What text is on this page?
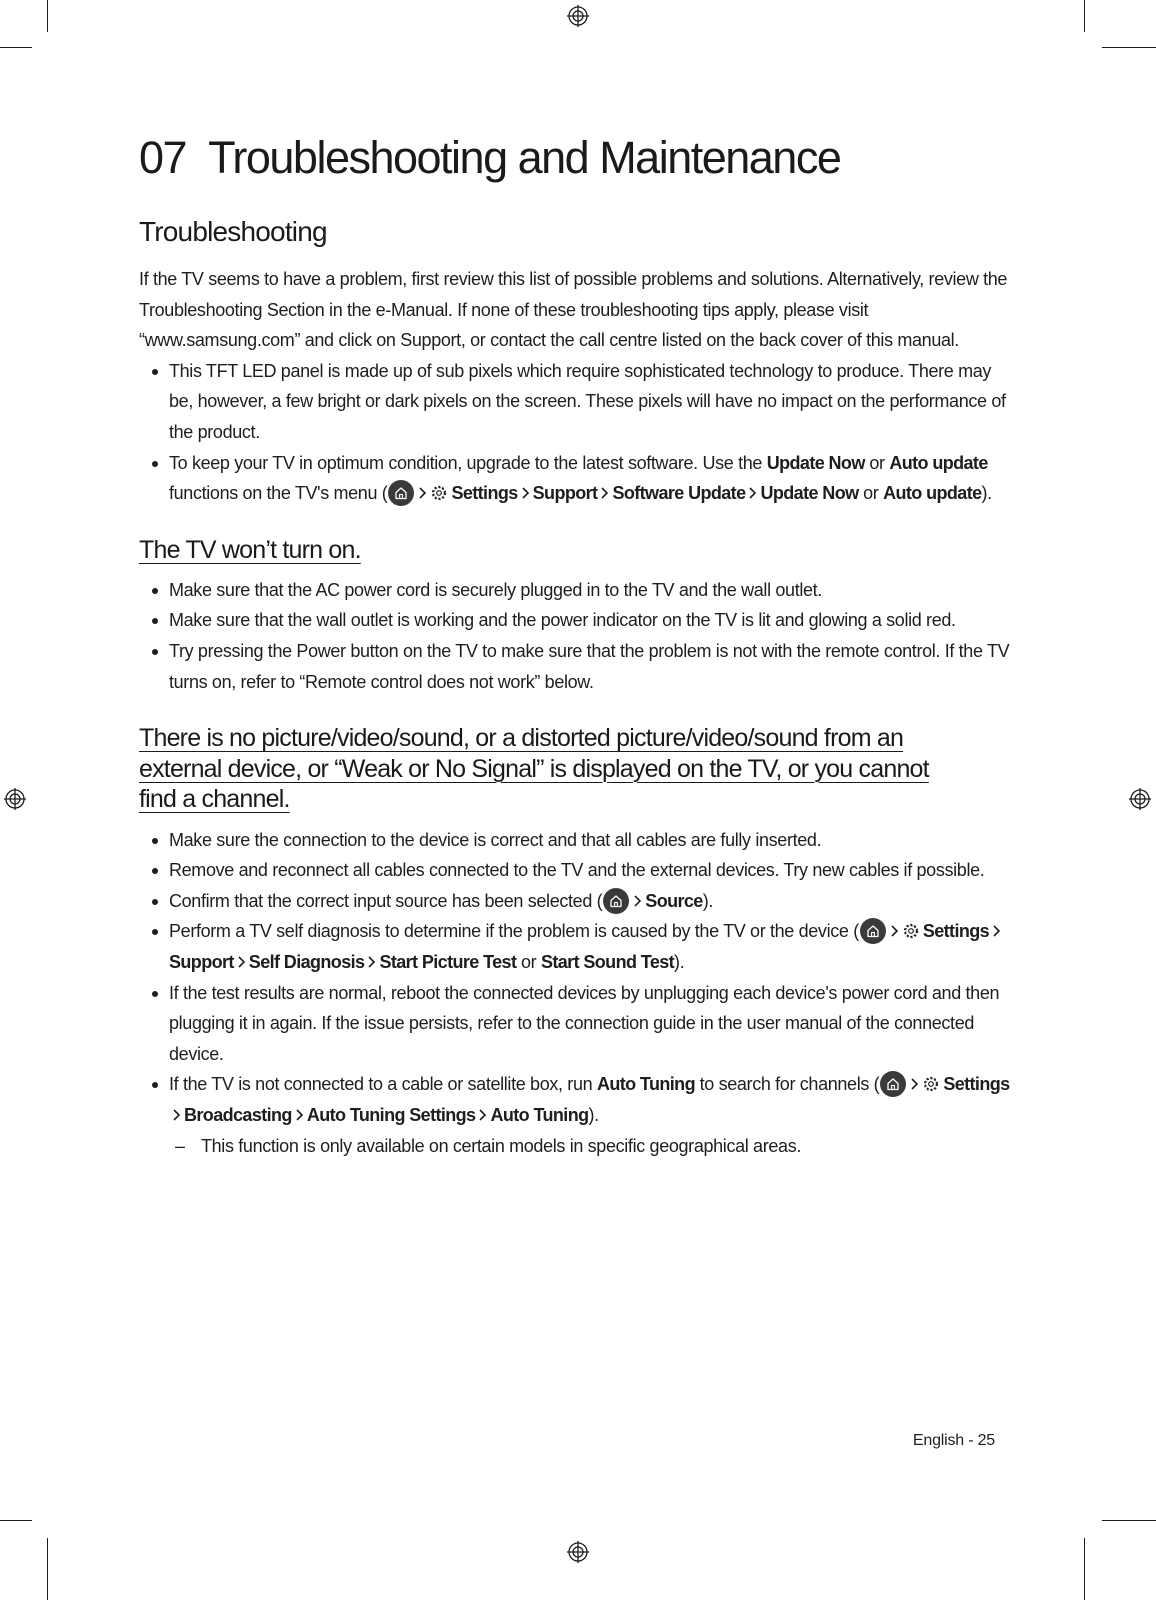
07 Troubleshooting and Maintenance
Troubleshooting

If the TV seems to have a problem, first review this list of possible problems and solutions. Alternatively, review the Troubleshooting Section in the e-Manual. If none of these troubleshooting tips apply, please visit “www.samsung.com” and click on Support, or contact the call centre listed on the back cover of this manual.

This TFT LED panel is made up of sub pixels which require sophisticated technology to produce. There may be, however, a few bright or dark pixels on the screen. These pixels will have no impact on the performance of the product.
To keep your TV in optimum condition, upgrade to the latest software. Use the Update Now or Auto update functions on the TV's menu (	Settings Support Software Update Update Now or Auto update).
The TV won’t turn on.
Make sure that the AC power cord is securely plugged in to the TV and the wall outlet.
Make sure that the wall outlet is working and the power indicator on the TV is lit and glowing a solid red.
Try pressing the Power button on the TV to make sure that the problem is not with the remote control. If the TV turns on, refer to “Remote control does not work” below.
There is no picture/video/sound, or a distorted picture/video/sound from an
external device, or “Weak or No Signal” is displayed on the TV, or you cannot
find a channel.
Make sure the connection to the device is correct and that all cables are fully inserted.
Remove and reconnect all cables connected to the TV and the external devices. Try new cables if possible.
Confirm that the correct input source has been selected ( Source).
Perform a TV self diagnosis to determine if the problem is caused by the TV or the device (	SettingsSupport Self Diagnosis Start Picture Test or Start Sound Test).
If the test results are normal, reboot the connected devices by unplugging each device's power cord and then plugging it in again. If the issue persists, refer to the connection guide in the user manual of the connected device.
If the TV is not connected to a cable or satellite box, run Auto Tuning to search for channels (	SettingsBroadcasting Auto Tuning Settings Auto Tuning).

– This function is only available on certain models in specific geographical areas.

English - 25
